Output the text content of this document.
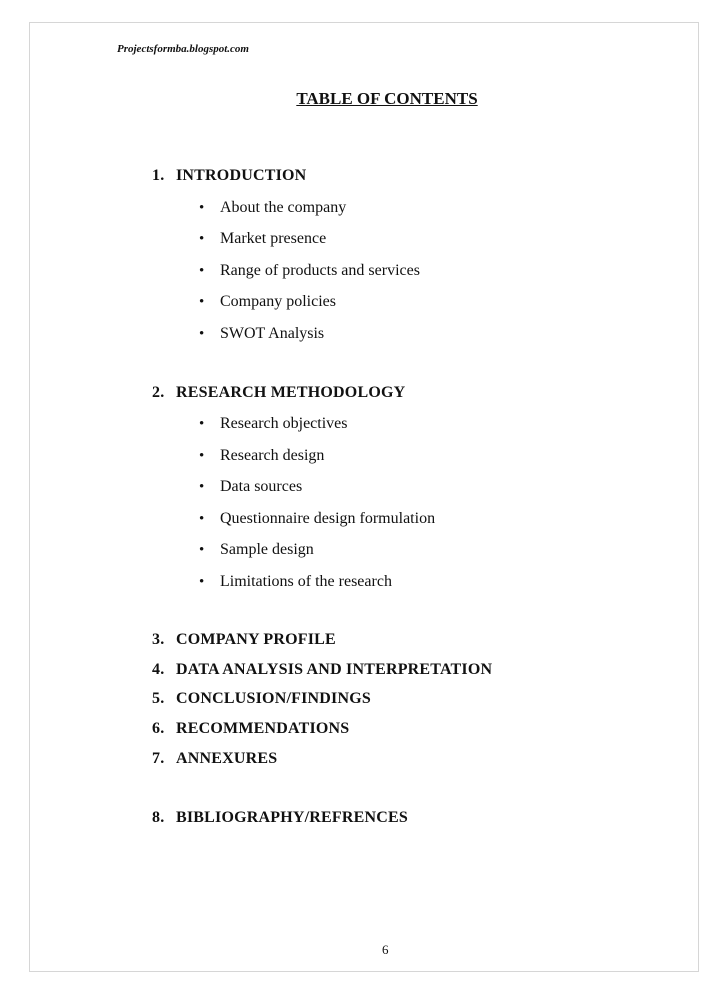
Projectsformba.blogspot.com
TABLE OF CONTENTS
1. INTRODUCTION
• About the company
• Market presence
• Range of products and services
• Company policies
• SWOT Analysis
2. RESEARCH METHODOLOGY
• Research objectives
• Research design
• Data sources
• Questionnaire design formulation
• Sample design
• Limitations of the research
3. COMPANY PROFILE
4. DATA ANALYSIS AND INTERPRETATION
5. CONCLUSION/FINDINGS
6. RECOMMENDATIONS
7. ANNEXURES
8. BIBLIOGRAPHY/REFRENCES
6
